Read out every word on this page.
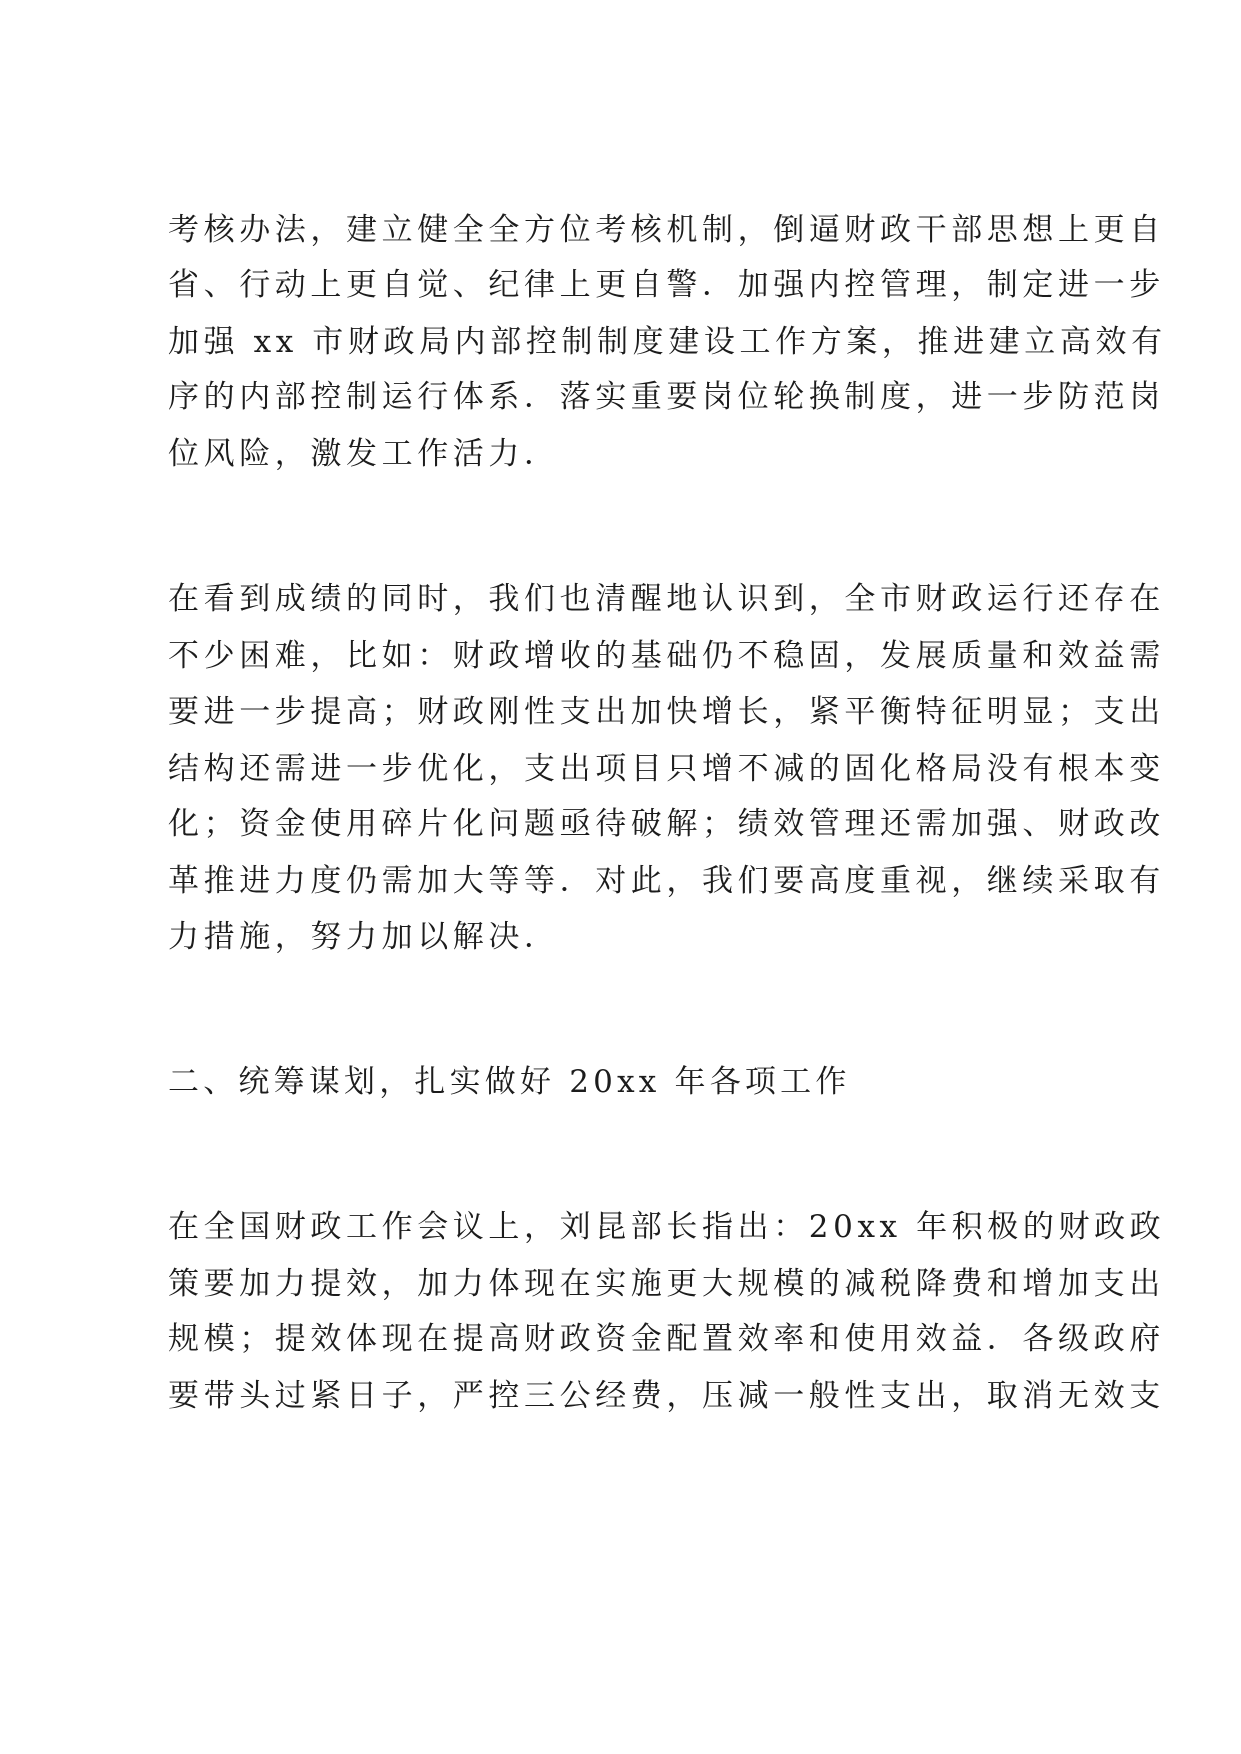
考核办法，建立健全全方位考核机制，倒逼财政干部思想上更自
省、行动上更自觉、纪律上更自警．加强内控管理，制定进一步
加强 xx 市财政局内部控制制度建设工作方案，推进建立高效有
序的内部控制运行体系．落实重要岗位轮换制度，进一步防范岗
位风险，激发工作活力．
在看到成绩的同时，我们也清醒地认识到，全市财政运行还存在
不少困难，比如：财政增收的基础仍不稳固，发展质量和效益需
要进一步提高；财政刚性支出加快增长，紧平衡特征明显；支出
结构还需进一步优化，支出项目只增不减的固化格局没有根本变
化；资金使用碎片化问题亟待破解；绩效管理还需加强、财政改
革推进力度仍需加大等等．对此，我们要高度重视，继续采取有
力措施，努力加以解决．
二、统筹谋划，扎实做好 20xx 年各项工作
在全国财政工作会议上，刘昆部长指出：20xx 年积极的财政政
策要加力提效，加力体现在实施更大规模的减税降费和增加支出
规模；提效体现在提高财政资金配置效率和使用效益．各级政府
要带头过紧日子，严控三公经费，压减一般性支出，取消无效支
